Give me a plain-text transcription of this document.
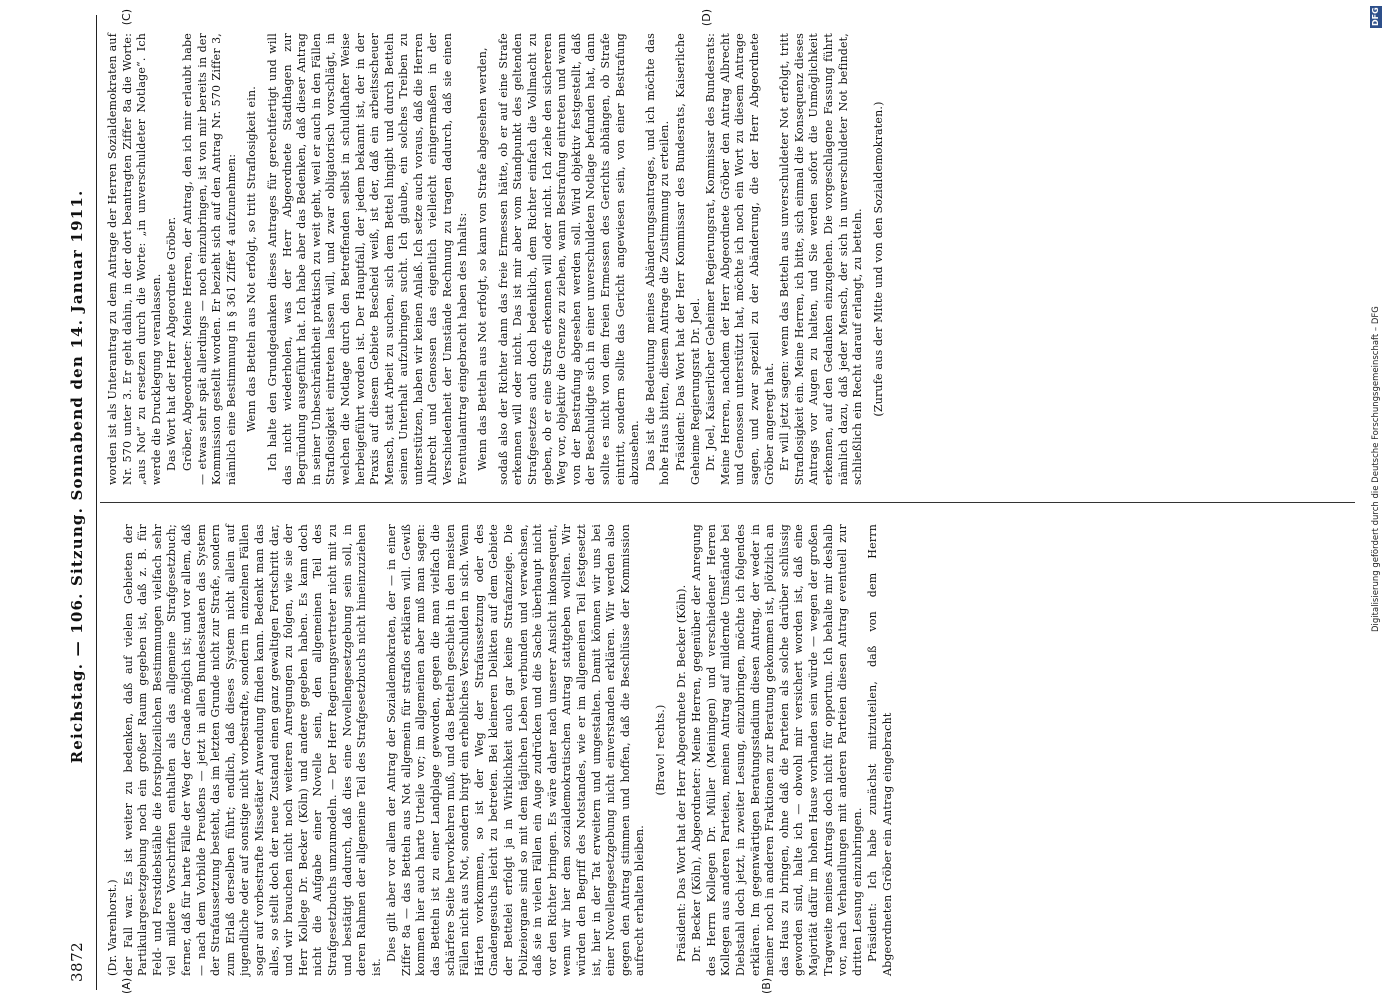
3872
Reichstag. — 106. Sitzung. Sonnabend den 14. Januar 1911.
(A)	(B)
(C)	(D)

(Dr. Varenhorst.) der Fall war. Es ist weiter zu bedenken, daß auf vielen Gebieten der Partikulargesetzgebung noch ein großer Raum gegeben ist, daß z. B. für Feld- und Forstdiebstähle die forstpolizeilichen Bestimmungen vielfach sehr viel mildere Vorschriften enthalten als das allgemeine Strafgesetzbuch; ferner, daß für harte Fälle der Weg der Gnade möglich ist; und vor allem, daß — nach dem Vorbilde Preußens — jetzt in allen Bundesstaaten das System der Strafaussetzung besteht, das im letzten Grunde nicht zur Strafe, sondern zum Erlaß derselben führt; endlich, daß dieses System nicht allein auf jugendliche oder auf sonstige nicht vorbestrafte, sondern in einzelnen Fällen sogar auf vorbestrafte Missetäter Anwendung finden kann. Bedenkt man das alles, so stellt doch der neue Zustand einen ganz gewaltigen Fortschritt dar, und wir brauchen nicht noch weiteren Anregungen zu folgen, wie sie der Herr Kollege Dr. Becker (Köln) und andere gegeben haben. Es kann doch nicht die Aufgabe einer Novelle sein, den allgemeinen Teil des Strafgesetzbuchs umzumodeln. — Der Herr Regierungsvertreter nicht mit zu und bestätigt dadurch, daß dies eine Novellengesetzgebung sein soll, in deren Rahmen der allgemeine Teil des Strafgesetzbuchs nicht hineinzuziehen ist.

Dies gilt aber vor allem der Antrag der Sozialdemokraten, der — in einer Ziffer 8a — das Betteln aus Not allgemein für straflos erklären will. Gewiß kommen hier auch harte Urteile vor; im allgemeinen aber muß man sagen: das Betteln ist zu einer Landplage geworden, gegen die man vielfach die schärfere Seite hervorkehren muß, und das Betteln geschieht in den meisten Fällen nicht aus Not, sondern birgt ein erhebliches Verschulden in sich. Wenn Härten vorkommen, so ist der Weg der Strafaussetzung oder des Gnadengesuchs leicht zu betreten. Bei kleineren Delikten auf dem Gebiete der Bettelei erfolgt ja in Wirklichkeit auch gar keine Strafanzeige. Die Polizeiorgane sind so mit dem täglichen Leben verbunden und verwachsen, daß sie in vielen Fällen ein Auge zudrücken und die Sache überhaupt nicht vor den Richter bringen. Es wäre daher nach unserer Ansicht inkonsequent, wenn wir hier dem sozialdemokratischen Antrag stattgeben wollten. Wir würden den Begriff des Notstandes, wie er im allgemeinen Teil festgesetzt ist, hier in der Tat erweitern und umgestalten. Damit können wir uns bei einer Novellengesetzgebung nicht einverstanden erklären. Wir werden also gegen den Antrag stimmen und hoffen, daß die Beschlüsse der Kommission aufrecht erhalten bleiben.

(Bravo! rechts.) Präsident: Das Wort hat der Herr Abgeordnete Dr. Becker (Köln). Dr. Becker (Köln), Abgeordneter: Meine Herren, gegenüber der Anregung des Herrn Kollegen Dr. Müller (Meiningen) und verschiedener Herren Kollegen aus anderen Parteien, meinen Antrag auf mildernde Umstände bei Diebstahl doch jetzt, in zweiter Lesung, einzubringen, möchte ich folgendes erklären. Im gegenwärtigen Beratungsstadium diesen Antrag, der weder in meiner noch in anderen Fraktionen zur Beratung gekommen ist, plötzlich an das Haus zu bringen, ohne daß die Parteien als solche darüber schlüssig geworden sind, halte ich — obwohl mir versichert worden ist, daß eine Majorität dafür im hohen Hause vorhanden sein würde — wegen der großen Tragweite meines Antrags doch nicht für opportun. Ich behalte mir deshalb vor, nach Verhandlungen mit anderen Parteien diesen Antrag eventuell zur dritten Lesung einzubringen. Präsident: Ich habe zunächst mitzuteilen, daß von dem Herrn Abgeordneten Gröber ein Antrag eingebracht

worden ist als Unterantrag zu dem Antrage der Herren Sozialdemokraten auf Nr. 570 unter 3. Er geht dahin, in der dort beantragten Ziffer 8a die Worte: „aus Not“ zu ersetzen durch die Worte: „in unverschuldeter Notlage“. Ich werde die Drucklegung veranlassen. Das Wort hat der Herr Abgeordnete Gröber. Gröber, Abgeordneter: Meine Herren, der Antrag, den ich mir erlaubt habe — etwas sehr spät allerdings — noch einzubringen, ist von mir bereits in der Kommission gestellt worden. Er bezieht sich auf den Antrag Nr. 570 Ziffer 3, nämlich eine Bestimmung in § 361 Ziffer 4 aufzunehmen: Wenn das Betteln aus Not erfolgt, so tritt Straflosigkeit ein. Ich halte den Grundgedanken dieses Antrages für gerechtfertigt und will das nicht wiederholen, was der Herr Abgeordnete Stadthagen zur Begründung ausgeführt hat. Ich habe aber das Bedenken, daß dieser Antrag in seiner Unbeschränktheit praktisch zu weit geht, weil er auch in den Fällen Straflosigkeit eintreten lassen will, und zwar obligatorisch vorschlägt, in welchen die Notlage durch den Betreffenden selbst in schuldhafter Weise herbeigeführt worden ist. Der Hauptfall, der jedem bekannt ist, der in der Praxis auf diesem Gebiete Bescheid weiß, ist der, daß ein arbeitsscheuer Mensch, statt Arbeit zu suchen, sich dem Bettel hingibt und durch Betteln seinen Unterhalt aufzubringen sucht. Ich glaube, ein solches Treiben zu unterstützen, haben wir keinen Anlaß. Ich setze auch voraus, daß die Herren Albrecht und Genossen das eigentlich vielleicht einigermaßen in der Verschiedenheit der Umstände Rechnung zu tragen dadurch, daß sie einen Eventualantrag eingebracht haben des Inhalts: Wenn das Betteln aus Not erfolgt, so kann von Strafe abgesehen werden, sodaß also der Richter dann das freie Ermessen hätte, ob er auf eine Strafe erkennen will oder nicht. Das ist mir aber vom Standpunkt des geltenden Strafgesetzes auch doch bedenklich, dem Richter einfach die Vollmacht zu geben, ob er eine Strafe erkennen will oder nicht. Ich ziehe den sichereren Weg vor, objektiv die Grenze zu ziehen, wann Bestrafung eintreten und wann von der Bestrafung abgesehen werden soll. Wird objektiv festgestellt, daß der Beschuldigte sich in einer unverschuldeten Notlage befunden hat, dann sollte es nicht von dem freien Ermessen des Gerichts abhängen, ob Strafe eintritt, sondern sollte das Gericht angewiesen sein, von einer Bestrafung abzusehen. Das ist die Bedeutung meines Abänderungsantrages, und ich möchte das hohe Haus bitten, diesem Antrage die Zustimmung zu erteilen. Präsident: Das Wort hat der Herr Kommissar des Bundesrats, Kaiserliche Geheime Regierungsrat Dr. Joel. Dr. Joel, Kaiserlicher Geheimer Regierungsrat, Kommissar des Bundesrats: Meine Herren, nachdem der Herr Abgeordnete Gröber den Antrag Albrecht und Genossen unterstützt hat, möchte ich noch ein Wort zu diesem Antrage sagen, und zwar speziell zu der Abänderung, die der Herr Abgeordnete Gröber angeregt hat. Er will jetzt sagen: wenn das Betteln aus unverschuldeter Not erfolgt, tritt Straflosigkeit ein. Meine Herren, ich bitte, sich einmal die Konsequenz dieses Antrags vor Augen zu halten, und Sie werden sofort die Unmöglichkeit erkennen, auf den Gedanken einzugehen. Die vorgeschlagene Fassung führt nämlich dazu, daß jeder Mensch, der sich in unverschuldeter Not befindet, schließlich ein Recht darauf erlangt, zu betteln. (Zurufe aus der Mitte und von den Sozialdemokraten.)

DFG
Digitalisierung gefördert durch die Deutsche Forschungsgemeinschaft – DFG
